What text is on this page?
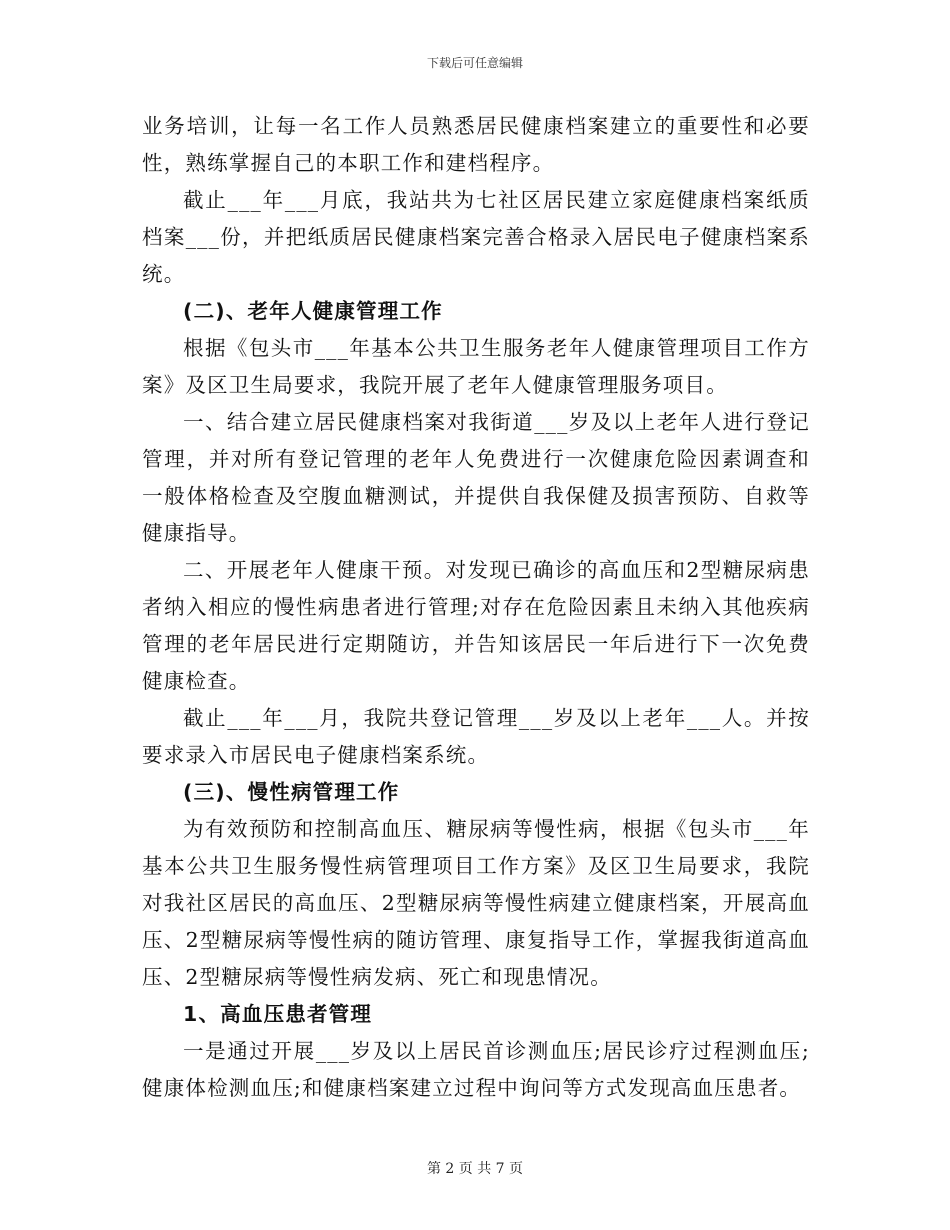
下载后可任意编辑

业务培训，让每一名工作人员熟悉居民健康档案建立的重要性和必要性，熟练掌握自己的本职工作和建档程序。

截止___年___月底，我站共为七社区居民建立家庭健康档案纸质档案___份，并把纸质居民健康档案完善合格录入居民电子健康档案系统。

(二)、老年人健康管理工作

根据《包头市___年基本公共卫生服务老年人健康管理项目工作方案》及区卫生局要求，我院开展了老年人健康管理服务项目。

一、结合建立居民健康档案对我街道___岁及以上老年人进行登记管理，并对所有登记管理的老年人免费进行一次健康危险因素调查和一般体格检查及空腹血糖测试，并提供自我保健及损害预防、自救等健康指导。

二、开展老年人健康干预。对发现已确诊的高血压和2型糖尿病患者纳入相应的慢性病患者进行管理;对存在危险因素且未纳入其他疾病管理的老年居民进行定期随访，并告知该居民一年后进行下一次免费健康检查。

截止___年___月，我院共登记管理___岁及以上老年___人。并按要求录入市居民电子健康档案系统。

(三)、慢性病管理工作

为有效预防和控制高血压、糖尿病等慢性病，根据《包头市___年基本公共卫生服务慢性病管理项目工作方案》及区卫生局要求，我院对我社区居民的高血压、2型糖尿病等慢性病建立健康档案，开展高血压、2型糖尿病等慢性病的随访管理、康复指导工作，掌握我街道高血压、2型糖尿病等慢性病发病、死亡和现患情况。

1、高血压患者管理

一是通过开展___岁及以上居民首诊测血压;居民诊疗过程测血压;健康体检测血压;和健康档案建立过程中询问等方式发现高血压患者。

第 2 页 共 7 页
